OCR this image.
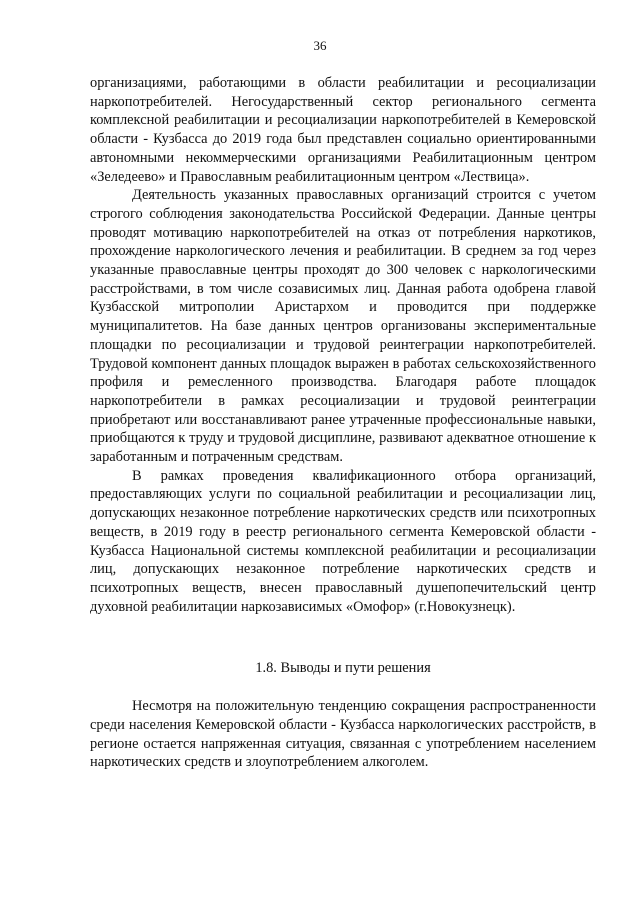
36

организациями, работающими в области реабилитации и ресоциализации наркопотребителей. Негосударственный сектор регионального сегмента комплексной реабилитации и ресоциализации наркопотребителей в Кемеровской области - Кузбасса до 2019 года был представлен социально ориентированными автономными некоммерческими организациями Реабилитационным центром «Зеледеево» и Православным реабилитационным центром «Лествица».

Деятельность указанных православных организаций строится с учетом строгого соблюдения законодательства Российской Федерации. Данные центры проводят мотивацию наркопотребителей на отказ от потребления наркотиков, прохождение наркологического лечения и реабилитации. В среднем за год через указанные православные центры проходят до 300 человек с наркологическими расстройствами, в том числе созависимых лиц. Данная работа одобрена главой Кузбасской митрополии Аристархом и проводится при поддержке муниципалитетов. На базе данных центров организованы экспериментальные площадки по ресоциализации и трудовой реинтеграции наркопотребителей. Трудовой компонент данных площадок выражен в работах сельскохозяйственного профиля и ремесленного производства. Благодаря работе площадок наркопотребители в рамках ресоциализации и трудовой реинтеграции приобретают или восстанавливают ранее утраченные профессиональные навыки, приобщаются к труду и трудовой дисциплине, развивают адекватное отношение к заработанным и потраченным средствам.

В рамках проведения квалификационного отбора организаций, предоставляющих услуги по социальной реабилитации и ресоциализации лиц, допускающих незаконное потребление наркотических средств или психотропных веществ, в 2019 году в реестр регионального сегмента Кемеровской области - Кузбасса Национальной системы комплексной реабилитации и ресоциализации лиц, допускающих незаконное потребление наркотических средств и психотропных веществ, внесен православный душепопечительский центр духовной реабилитации наркозависимых «Омофор» (г.Новокузнецк).

1.8. Выводы и пути решения

Несмотря на положительную тенденцию сокращения распространенности среди населения Кемеровской области - Кузбасса наркологических расстройств, в регионе остается напряженная ситуация, связанная с употреблением населением наркотических средств и злоупотреблением алкоголем.
